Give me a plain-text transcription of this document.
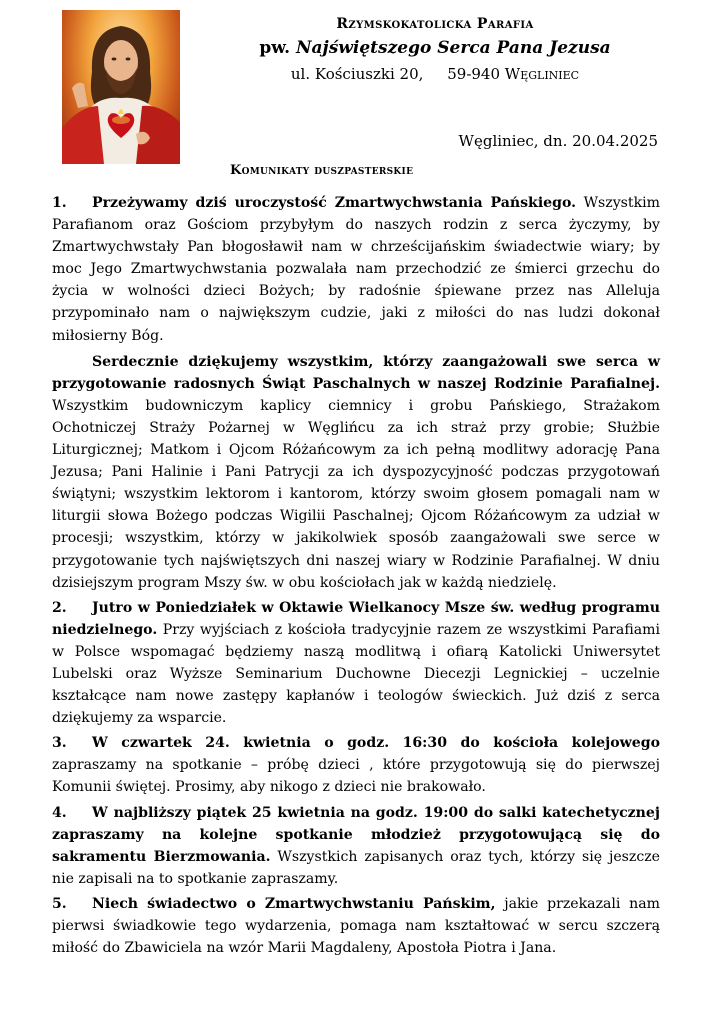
Rzymskokatolicka Parafia
pw. Najświętszego Serca Pana Jezusa
ul. Kościuszki 20, 59-940 Węgliniec
Węgliniec, dn. 20.04.2025
Komunikaty duszpasterskie

1. Przeżywamy dziś uroczystość Zmartwychwstania Pańskiego. Wszystkim Parafianom oraz Gościom przybyłym do naszych rodzin z serca życzymy, by Zmartwychwstały Pan błogosławił nam w chrześcijańskim świadectwie wiary; by moc Jego Zmartwychwstania pozwalała nam przechodzić ze śmierci grzechu do życia w wolności dzieci Bożych; by radośnie śpiewane przez nas Alleluja przypominało nam o największym cudzie, jaki z miłości do nas ludzi dokonał miłosierny Bóg.

Serdecznie dziękujemy wszystkim, którzy zaangażowali swe serca w przygotowanie radosnych Świąt Paschalnych w naszej Rodzinie Parafialnej. Wszystkim budowniczym kaplicy ciemnicy i grobu Pańskiego, Strażakom Ochotniczej Straży Pożarnej w Węglińcu za ich straż przy grobie; Służbie Liturgicznej; Matkom i Ojcom Różańcowym za ich pełną modlitwy adorację Pana Jezusa; Pani Halinie i Pani Patrycji za ich dyspozycyjność podczas przygotowań świątyni; wszystkim lektorom i kantorom, którzy swoim głosem pomagali nam w liturgii słowa Bożego podczas Wigilii Paschalnej; Ojcom Różańcowym za udział w procesji; wszystkim, którzy w jakikolwiek sposób zaangażowali swe serce w przygotowanie tych najświętszych dni naszej wiary w Rodzinie Parafialnej. W dniu dzisiejszym program Mszy św. w obu kościołach jak w każdą niedzielę.

2. Jutro w Poniedziałek w Oktawie Wielkanocy Msze św. według programu niedzielnego. Przy wyjściach z kościoła tradycyjnie razem ze wszystkimi Parafiami w Polsce wspomagać będziemy naszą modlitwą i ofiarą Katolicki Uniwersytet Lubelski oraz Wyższe Seminarium Duchowne Diecezji Legnickiej – uczelnie kształcące nam nowe zastępy kapłanów i teologów świeckich. Już dziś z serca dziękujemy za wsparcie.

3. W czwartek 24. kwietnia o godz. 16:30 do kościoła kolejowego zapraszamy na spotkanie – próbę dzieci , które przygotowują się do pierwszej Komunii świętej. Prosimy, aby nikogo z dzieci nie brakowało.

4. W najbliższy piątek 25 kwietnia na godz. 19:00 do salki katechetycznej zapraszamy na kolejne spotkanie młodzież przygotowującą się do sakramentu Bierzmowania. Wszystkich zapisanych oraz tych, którzy się jeszcze nie zapisali na to spotkanie zapraszamy.

5. Niech świadectwo o Zmartwychwstaniu Pańskim, jakie przekazali nam pierwsi świadkowie tego wydarzenia, pomaga nam kształtować w sercu szczerą miłość do Zbawiciela na wzór Marii Magdaleny, Apostoła Piotra i Jana.
